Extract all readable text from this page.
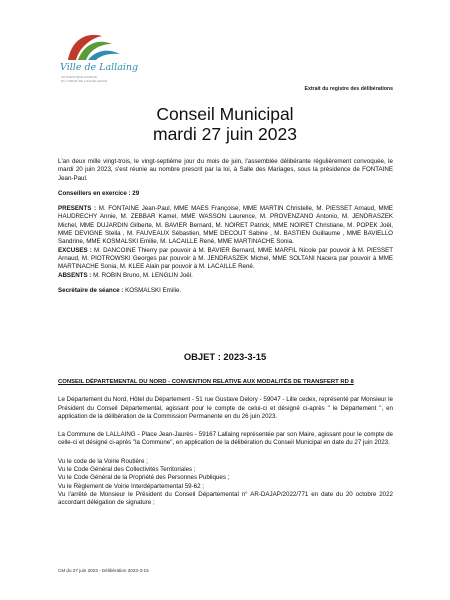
Ville de Lallaing
AUTHENTIQUE ESPACE
DU COEUR DE L'EXCELLENCE
Extrait du registre des délibérations
Conseil Municipal
mardi 27 juin 2023

L'an deux mille vingt-trois, le vingt-septième jour du mois de juin, l'assemblée délibérante régulièrement convoquée, le mardi 20 juin 2023, s'est réunie au nombre prescrit par la loi, à Salle des Mariages, sous la présidence de FONTAINE Jean-Paul.

Conseillers en exercice : 29

PRESENTS : M. FONTAINE Jean-Paul, MME MAES Françoise, MME MARTIN Christelle, M. PIESSET Arnaud, MME HAUDRECHY Annie, M. ZEBBAR Kamel, MME WASSON Laurence, M. PROVENZANO Antonio, M. JENDRASZEK Michel, MME DUJARDIN Gilberte, M. BAVIER Bernard, M. NOIRET Patrick, MME NOIRET Christiane, M. POPEK Joël, MME DEVIGNE Stella , M. FAUVEAUX Sébastien, MME DECOUT Sabine , M. BASTIEN Guillaume , MME BAVIELLO Sandrine, MME KOSMALSKI Emilie, M. LACAILLE René, MME MARTINACHE Sonia.

EXCUSES : M. DANCOINE Thierry par pouvoir à M. BAVIER Bernard, MME MARFIL Nicole par pouvoir à M. PIESSET Arnaud, M. PIOTROWSKI Georges par pouvoir à M. JENDRASZEK Michel, MME SOLTANI Nacera par pouvoir à MME MARTINACHE Sonia, M. KLEE Alain par pouvoir à M. LACAILLE René.

ABSENTS : M. ROBIN Bruno, M. LENGLIN Joël.

Secrétaire de séance : KOSMALSKI Emilie.

OBJET : 2023-3-15

CONSEIL DÉPARTEMENTAL DU NORD - CONVENTION RELATIVE AUX MODALITÉS DE TRANSFERT RD 8

Le Département du Nord, Hôtel du Département - 51 rue Gustave Delory - 59047 - Lille cedex, représenté par Monsieur le Président du Conseil Départemental, agissant pour le compte de celui-ci et désigné ci-après " le Département ", en application de la délibération de la Commission Permanente en du 26 juin 2023.

La Commune de LALLAING - Place Jean-Jaurès - 59167 Lallaing représentée par son Maire, agissant pour le compte de celle-ci et désigné ci-après "la Commune", en application de la délibération du Conseil Municipal en date du 27 juin 2023.

Vu le code de la Voirie Routière ;

Vu le Code Général des Collectivités Territoriales ;

Vu le Code Général de la Propriété des Personnes Publiques ;

Vu le Règlement de Voirie Interdépartemental 59-62 ;

Vu l'arrêté de Monsieur le Président du Conseil Départemental n° AR-DAJAP/2022/771 en date du 20 octobre 2022 accordant délégation de signature ;

CM du 27 juin 2023 - Délibération 2023-3-15
